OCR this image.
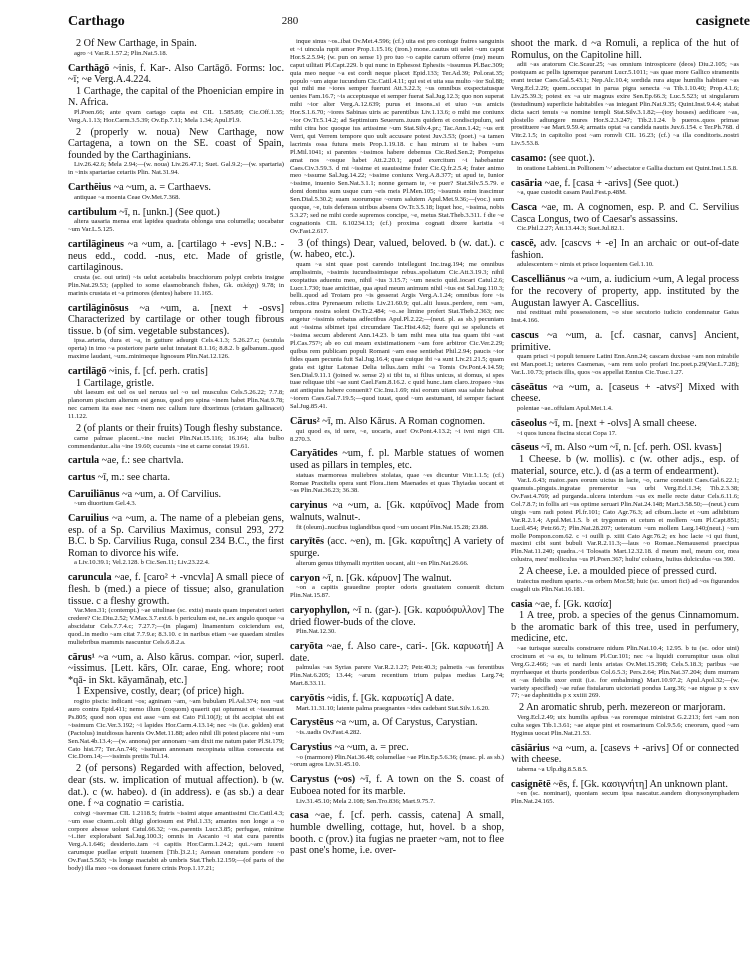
Carthago	280	casignete
2 Of New Carthage, in Spain.
agro ~i Var.R.1.57.2; Plin.Nat.5.18.
Carthāgō ~inis, f. Kar-. Also Cartāgō. Forms: loc. ~ī; ~e Verg.A.4.224.
1 Carthage, the capital of the Phoenician empire in N. Africa.
Pl.Poen.66; ante qvam cartago capta est CIL 1.585.89; Cic.Off.1.35; Verg.A.1.13; Hor.Carm.3.5.39; Ov.Ep.7.11; Mela 1.34; Apul.Fl.9.
2 (properly w. noua) New Carthage, now Cartagena, a town on the SE. coast of Spain, founded by the Carthaginians.
Liv.26.42.6; Mela 2.94;—(w. noua) Liv.26.47.1; Suet. Gal.9.2;—(w. spartaria) in ~inis spartariae cetariis Plin. Nat.31.94.
Carthēius ~a ~um, a. = Carthaevs.
antiquae ~a moenia Ceae Ov.Met.7.368.
cartibulum ~ī, n. [unkn.] (See quot.)
altera uasaria mensa erat lapidea quadrata oblonga una columella; uocabatur ~um Var.L.5.125.
cartilāgineus ~a ~um, a. [cartilago + -evs] N.B.: -neus edd., codd. -nus, etc. Made of gristle, cartilaginous.
crusta (sc. oui urini) ~is uelut acetabulis bracchiorum polypi crebris insigne Plin.Nat.29.53; (applied to some elasmobranch fishes, Gk. σελάχη) 9.78; in marinis crustata et ~a primores (dentes) habere 11.165.
cartilāginōsus ~a ~um, a. [next + -osvs] Characterized by cartilage or other tough fibrous tissue. b (of sim. vegetable substances).
ipsa..arteria, dura et ~a, in gutture adsurgit Cels.4.1.3; 5.26.27.c; (scutula operta) in imo ~a posteriore parte uelut innatant 8.1.16; 8.8.2. b galbanum..quod maxime laudant, ~um..minimeque lignosum Plin.Nat.12.126.
cartilāgō ~inis, f. [cf. perh. cratis]
1 Cartilage, gristle.
ubi laesum est uel os uel neruus uel ~o uel musculus Cels.5.26.22; 7.7.8; planorum piscium alterum est genus, quod pro spina ~inem habet Plin.Nat.9.78; nec carnem ita esse nec ~inem nec callum iure dixerimus (cristam gallinacei) 11.122.
2 (of plants or their fruits) Tough fleshy substance.
carne palmae placent..~ine nuclei Plin.Nat.15.116; 16.164; alia bulbo commendantur..alia ~ine 19.60; cucumis ~ine et carne constat 19.61.
cartula ~ae, f.: see chartvla.
cartus ~ī, m.: see charta.
Caruiliānus ~a ~um, a. Of Carvilius.
~um diuortium Gel.4.3.
Caruilius ~a ~um, a. The name of a plebeian gens, esp. of a Sp. Carvilius Maximus, consul 293, 272 B.C. b Sp. Carvilius Ruga, consul 234 B.C., the first Roman to divorce his wife.
a Liv.10.39.1; Vel.2.128. b Cic.Sen.11; Liv.23.22.4.
caruncula ~ae, f. [caro² + -vncvla] A small piece of flesh. b (med.) a piece of tissue; also, granulation tissue. c a fleshy growth.
Var.Men.31; (contempt.) ~ae uitulinae (sc. extis) mauis quam imperatori ueteri credere? Cic.Diu.2.52; V.Max.3.7.ext.6. b periculum est, ne..ex angulo quoque ~a abscidatur Cels.7.7.4.c; 7.27.7;—(in plagam) linamentum coiciendum est, quod..in medio ~am citat 7.7.9.e; 8.3.10. c in naribus etiam ~ae quaedam similes muliebribus mammis nascuntur Cels.6.8.2.a.
cārus¹ ~a ~um, a. Also kārus. compar. ~ior, superl. ~issimus. [Lett. kārs, OIr. carae, Eng. whore; root *qā- in Skt. kāyamānaḥ, etc.]
1 Expensive, costly, dear; (of price) high.
rogito piscis: indicant ~os; agninam ~am, ~am bubulam Pl.Asl.374; non ~ust auro contra Epid.411; nemo illum (coquom) quaerit qui optumust et ~issumust Ps.805; quod non opus est asse ~um est Cato Fil.10(J); ut ibi accipiat ubi est ~issimum Cic.Ver.3.192; ~i lapides Hor.Carm.4.13.14; nec ~is (i.e. golden) erat (Pactolus) inuidiosus harenis Ov.Met.11.88; adeo nihil illi potest placere nisi ~um Sen.Nat.4b.13.4;—(w. annona) per annonam ~am dixit me natum pater Pl.St.179; Cato hist.77; Ter.An.746; ~issimam annonam necopinata uilitas consecuta est Cic.Dom.14;—~issimis pretiis Tul.14.
2 (of persons) Regarded with affection, beloved, dear (sts. w. implication of mutual affection). b (w. dat.). c (w. habeo). d (in address). e (as sb.) a dear one. f ~a cognatio = caristia.
coivgi ~issvmae CIL 1.2118.5; fratris ~issimi atque amantissimi Cic.Catil.4.3; ~um esse ciuem..coli diligi gloriosum est Phil.1.33; amantes non longe a ~o corpore abesse uolunt Catul.66.32; ~os..parentis Lucr.3.85; perfugae, minime ~i..iter explorabant Sal.Jug.100.3; omnis in Ascanio ~i stat cura parentis Verg.A.1.646; desiderio..tam ~i capitis Hor.Carm.1.24.2; qui..~am iuueni carumque puellae eripuit iuuenem [Tib.]3.2.1; Aenean oneratum pondere ~o Ov.Fast.5.563; ~is longe mactabit ab umbris Stat.Theb.12.159;—(of parts of the body) illa meo ~os donasset funere crinis Prop.1.17.21;
inque sinus ~os..ibat Ov.Met.4.596; (cf.) uita est pro coniuge fratres sanguinis et ~i uincula rupit amor Prop.1.15.16; (iron.) mone..cautus uti uelet ~um caput Hor.S.2.5.94; (w. pun on sense 1) pro tuo ~o capite carum offerre (me) meum caput uilitati Pl.Capt.229. b qui nunc in Ephesost Ephesiis ~issumus Pl.Bac.309; quia meo neque ~a est cordi neque placet Epid.133; Ter.Ad.39; Pol.orat.35; populo ~um atque iucundum Cic.Catil.4.11; qui est ei uita sua multo ~ior Sul.88; qui mihi me ~iores semper fuerunt Att.3.22.3; ~us omnibus exspectatusque uenies Fam.16.7; ~is acceptusque ei semper fuerat Sal.Jug.12.3; quo non superat mihi ~ior alter Verg.A.12.639; purus et insons..si et uiuo ~us amicis Hor.S.1.6.70; ~iores Sabinas uiris ac parentibus Liv.1.13.6; o mihi me coniunx ~ior Ov.Tr.5.14.2; ad Septimium Seuerum..tuum quidem et condiscipulum, sed mihi citra hoc quoque ius artissime ~um Stat.Silv.4.pr.; Tac.Ann.1.42; ~us erit Verri, qui Verrem tempore quo uult accusare potest Juv.3.53; (poet.) ~a tamen lacrimis ossa futura meis Prop.1.19.18. c hau mirum si te habes ~um Pl.Mil.1041; si parentes ~issimos habere debemus Cic.Red.Sen.2; Pompeius amat nos ~osque habet Att.2.20.1; apud exercitum ~i habebantur Caes.Civ.3.59.3. d mi ~issime et suauissime frater Cic.Q.fr.2.5.4; frater animo meo ~issume Sal.Jug.14.22; ~issime coniunx Verg.A.8.377; ut apud te, Iunior ~issime, inuenio Sen.Nat.3.1.1; nonne gemam te, ~e puer? Stat.Silv.5.5.79. e domi domitus sum usque cum ~eis meis Pl.Men.105; ~issumis enim irascimur Sen.Dial.5.30.2; suam suorumque ~orum salutem Apul.Met.9.36;—(voc.) sum quoque, ~e, tuis defensus uiribus absens Ov.Tr.3.5.18; liquet hoc, ~issima, nobis 5.3.27; sed ne mihi corde supremos concipe, ~e, metus Stat.Theb.3.311. f die ~e cognationis CIL 6.10234.13; (cf.) proxima cognati dixere karistia ~i Ov.Fast.2.617.
3 (of things) Dear, valued, beloved. b (w. dat.). c (w. habeo, etc.).
quam ~a sint quae post carendo intellegunt Inc.trag.194; me omnibus amplissimis, ~issimis iucundissimisque rebus..spoliatum Cic.Att.3.19.3; nihil exoptatius aduentu meo, nihil ~ius 3.15.7; ~um nescio quid..iocari Catul.2.6; Lucr.1.730; tuae amicitiae, qua apud meum animum nihil ~ius est Sal.Jug.110.3; belli..quod ad Troiam pro ~is gesserat Argis Verg.A.1.24; omnibus fore ~is rebus..citra Pyrenaeum relictis Liv.21.60.9; qui..alii lusus..perdere, rem ~am, tempora nostra solent Ov.Tr.2.484; ~o..se limine profert Stat.Theb.2.363; nec angetur ~issimis orbatus adfectibus Apul.Pl.2.22;—(neut. pl. as sb.) pecuniam aut ~issima sibimet ipsi circumdare Tac.Hist.4.62; fuere qui se speluncis et ~issima secum abderent Ann.14.23. b tam mihi mea uita tua quam tibi ~ast Pl.Cas.757ᵃ; ab eo cui meam existimationem ~am fore arbitror Cic.Ver.2.29; quibus rem publicam populi Romani ~am esse sentiebat Phil.2.94; paucis ~ior fides quam pecunia fuit Sal.Jug.16.4; quae cuique ibi ~a sunt Liv.21.21.5; quam grata est igitur Latonae Delia tellus..tam mihi ~a Tomis Ov.Pont.4.14.59; Sen.Dial.9.11.1 (joined w. sense 2) si tibi tu, si filius unicus, si domus, si spes tuae reliquae tibi ~ae sunt Cael.Fam.8.16.2. c quid hunc..tam claro..tropaeo ~ius aut antiquius habere conuenit? Cic.Inu.1.69; nisi eorum uitam sua salute habeat ~iorem Caes.Gal.7.19.5;—quod iuuat, quod ~um aestumant, id semper faciant Sal.Jug.85.41.
Cārus² ~ī, m. Also Kārus. A Roman cognomen.
qui quod es, id uere, ~e, uocaris, aue! Ov.Pont.4.13.2; ~i ivni nigri CIL 8.270.3.
Caryātides ~um, f. pl. Marble statues of women used as pillars in temples, etc.
statuas marmoreas muliebres stolatas, quae ~es dicuntur Vitr.1.1.5; (cf.) Romae Praxitelis opera sunt Flora..item Maenades et quas Thyiadas uocant et ~as Plin.Nat.36.23; 36.38.
caryinus ~a ~um, a. [Gk. καρύϊνος] Made from walnuts, walnut-.
fit (oleum)..nucibus iuglandibus quod ~um uocant Plin.Nat.15.28; 23.88.
caryītēs (acc. ~en), m. [Gk. καρυΐτης] A variety of spurge.
alterum genus tithymalli myrtiten uocant, alii ~en Plin.Nat.26.66.
caryon ~ī, n. [Gk. κάρυον] The walnut.
~on a capitis grauedine propter odoris grauitatem conuenit dictum Plin.Nat.15.87.
caryophyllon, ~ī n. (gar-). [Gk. καρυόφυλλον] The dried flower-buds of the clove.
Plin.Nat.12.30.
caryōta ~ae, f. Also care-, cari-. [Gk. καρυωτή] A date.
palmulas ~as Syrias parere Var.R.2.1.27; Petr.40.3; palmetis ~as ferentibus Plin.Nat.6.205; 13.44; ~arum recentium trium pulpas medias Larg.74; Mart.8.33.11.
caryōtis ~idis, f. [Gk. καρυωτίς] A date.
Mart.11.31.10; latente palma praegnantes ~ides cadebant Stat.Silv.1.6.20.
Carystēus ~a ~um, a. Of Carystus, Carystian.
~is..uadis Ov.Fast.4.282.
Carystius ~a ~um, a. = prec.
~o (marmore) Plin.Nat.36.48; columellae ~ae Plin.Ep.5.6.36; (masc. pl. as sb.) ~orum agros Liv.31.45.10.
Carystus (~os) ~ī, f. A town on the S. coast of Euboea noted for its marble.
Liv.31.45.10; Mela 2.108; Sen.Tro.836; Mart.9.75.7.
casa ~ae, f. [cf. perh. cassis, catena] A small, humble dwelling, cottage, hut, hovel. b a shop, booth. c (prov.) ita fugias ne praeter ~am, not to flee past one's home, i.e. over-
shoot the mark. d ~a Romuli, a replica of the hut of Romulus, on the Capitoline hill.
adii ~as aratorum Cic.Scaur.25; ~as omnium introspicere (deos) Diu.2.105; ~as postquam ac pellis ignemque pararunt Lucr.5.1011; ~as quae more Gallico stramentis erant tectae Caes.Gal.5.43.1; Nep.Alc.10.4; sordida rura atque humilis habitare ~as Verg.Ecl.2.29; quem..occupat in parua pigra senecta ~a Tib.1.10.40; Prop.4.1.6; Liv.25.39.3; potest ex ~a uir magnus exire Sen.Ep.66.3; Luc.5.523; ut singularum (testudinum) superficie habitabiles ~as integant Plin.Nat.9.35; Quint.Inst.9.4.4; stabat dicta sacri tenuis ~a nomine templi Stat.Silv.3.1.82;—(toy houses) aedificare ~as, plostello adiungere mures Hor.S.2.3.247; Tib.2.1.24. b pueros..quos primae prostituere ~ae Mart.9.59.4; armatis optat ~a candida nautis Juv.6.154. c Ter.Ph.768. d Vitr.2.1.5; in capitolio post ~am romvli CIL 16.23; (cf.) ~a illa conditoris..nostri Liv.5.53.8.
casamo: (see quot.).
in oratione Labieni..in Pollionem '~' adsectator e Gallia ductum est Quint.Inst.1.5.8.
casāria ~ae, f. [casa + -arivs] (See quot.)
~a, quae custodit casam Paul.Fest.p.48M.
Casca ~ae, m. A cognomen, esp. P. and C. Servilius Casca Longus, two of Caesar's assassins.
Cic.Phil.2.27; Att.13.44.3; Suet.Jul.82.1.
cascē, adv. [cascvs + -e] In an archaic or out-of-date fashion.
adulescentem ~ nimis et prisce loquentem Gel.1.10.
Cascelliānus ~a ~um, a. iudicium ~um, A legal process for the recovery of property, app. instituted by the Augustan lawyer A. Cascellius.
nisi restituat mihi possessionem, ~o siue secutorio iudicio condemnatur Gaius Inst.4.166.
cascus ~a ~um, a. [cf. casnar, canvs] Ancient, primitive.
quam prisci ~i populi tenuere Latini Enn.Ann.24; cascam duxisse ~am non mirabile est Man.poet.1; ueteres Casmenas, ~am rem uolo profari Inc.poet.p.29(Var.L.7.28); Var.L.10.73; priscis illis, quos ~os appellat Ennius Cic.Tusc.1.27.
cāseātus ~a ~um, a. [caseus + -atvs²] Mixed with cheese.
polentae ~ae..offulam Apul.Met.1.4.
cāseolus ~ī, m. [next + -olvs] A small cheese.
~i quos iuncea fiscina siccat Copa 17.
cāseus ~ī, m. Also ~um ~ī, n. [cf. perh. OSl. kvasъ]
1 Cheese. b (w. mollis). c (w. other adjs., esp. of material, source, etc.). d (as a term of endearment).
Var.L.6.43; maior..pars eorum uictus in lacte, ~o, carne consistit Caes.Gal.6.22.1; quamuis..pinguis..ingratae premeretur ~us urbi Verg.Ecl.1.34; Tib.2.3.38; Ov.Fast.4.769; ad purganda..ulcera interdum ~us ex melle recte datur Cels.6.11.6; Col.7.8.7; in follis ari ~us optime seruari Plin.Nat.24.148; Mart.3.58.50;—(neut.) cum uirgis ~um radi potest Pl.fr.101; Cato Agr.76.3; ad cibum..lacte et ~um adhibitum Var.R.2.1.4; Apul.Met.1.5. b et trygonum et cetum et mollem ~um Pl.Capt.851; Lucil.454; Petr.66.7; Plin.Nat.28.207; ueteratum ~um mollem Larg.140;(neut.) ~um molle Pompon.com.62. c ~i ouilli p. xiiii Cato Agr.76.2; ex hoc lacte ~i qui fiunt, maximi cibi sunt bubuli Var.R.2.11.3;—laus ~o Romae..Nemausensi praecipua Plin.Nat.11.240; quadra..~i Tolosatis Mart.12.32.18. d meum mel, meum cor, mea colustra, meu' molliculus ~us Pl.Poen.367; huliu' colustra, huiius dulciculus ~us 390.
2 A cheese, i.e. a moulded piece of pressed curd.
traiectus medium sparto..~us orbem Mor.58; huic (sc. umori fici) ad ~os figurandos coaguli uis Plin.Nat.16.181.
casia ~ae, f. [Gk. κασία]
1 A tree, prob. a species of the genus Cinnamomum. b the aromatic bark of this tree, used in perfumery, medicine, etc.
~ae turisque surculis construere nidum Plin.Nat.10.4; 12.95. b tu (sc. odor uini) crocinum et ~a es, tu telinum Pl.Cur.101; nec ~a liquidi corrumpitur usus oliui Verg.G.2.466; ~as et nardi lenis aristas Ov.Met.15.398; Cels.5.18.3; paribus ~ae myrrhaeque et thuris ponderibus Col.6.5.3; Pers.2.64; Plin.Nat.37.204; dum murram et ~as flebilis uxor emit (i.e. for embalming) Mart.10.97.2; Apul.Apol.32;—(w. variety specified) ~ae rufae fistularum uictoriati pondus Larg.36; ~ae nigrae p x xxv 77; ~ae daphnitidis p x xxiiii 269.
2 An aromatic shrub, perh. mezereon or marjoram.
Verg.Ecl.2.49; uix humilis apibus ~as roremque ministrat G.2.213; fert ~am non culta seges Tib.1.3.61; ~ae atque pini et rosmarinum Col.9.5.6; cneorum, quod ~am Hyginus uocat Plin.Nat.21.53.
cāsiārius ~a ~um, a. [casevs + -arivs] Of or connected with cheese.
taberna ~a Ulp.dig.8.5.8.5.
casignētē ~ēs, f. [Gk. κασιγνήτη] An unknown plant.
~en (sc. nominari), quoniam secum ipsa nascatur..eandem dionysonymphadem Plin.Nat.24.165.
